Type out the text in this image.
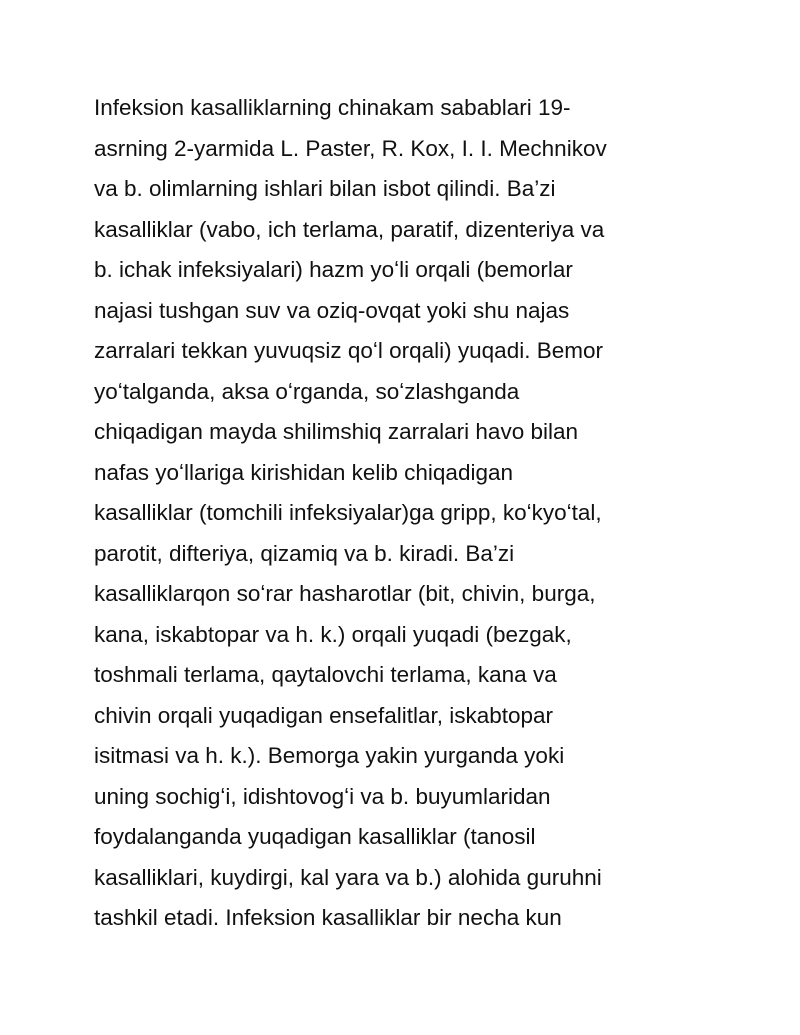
Infeksion kasalliklarning chinakam sabablari 19-
asrning 2-yarmida L. Paster, R. Kox, I. I. Mechnikov
va b. olimlarning ishlari bilan isbot qilindi. Ba’zi
kasalliklar (vabo, ich terlama, paratif, dizenteriya va
b. ichak infeksiyalari) hazm yoʻli orqali (bemorlar
najasi tushgan suv va oziq-ovqat yoki shu najas
zarralari tekkan yuvuqsiz qoʻl orqali) yuqadi. Bemor
yoʻtalganda, aksa oʻrganda, soʻzlashganda
chiqadigan mayda shilimshiq zarralari havo bilan
nafas yoʻllariga kirishidan kelib chiqadigan
kasalliklar (tomchili infeksiyalar)ga gripp, koʻkyoʻtal,
parotit, difteriya, qizamiq va b. kiradi. Ba’zi
kasalliklarqon soʻrar hasharotlar (bit, chivin, burga,
kana, iskabtopar va h. k.) orqali yuqadi (bezgak,
toshmali terlama, qaytalovchi terlama, kana va
chivin orqali yuqadigan ensefalitlar, iskabtopar
isitmasi va h. k.). Bemorga yakin yurganda yoki
uning sochigʻi, idishtovogʻi va b. buyumlaridan
foydalanganda yuqadigan kasalliklar (tanosil
kasalliklari, kuydirgi, kal yara va b.) alohida guruhni
tashkil etadi. Infeksion kasalliklar bir necha kun
